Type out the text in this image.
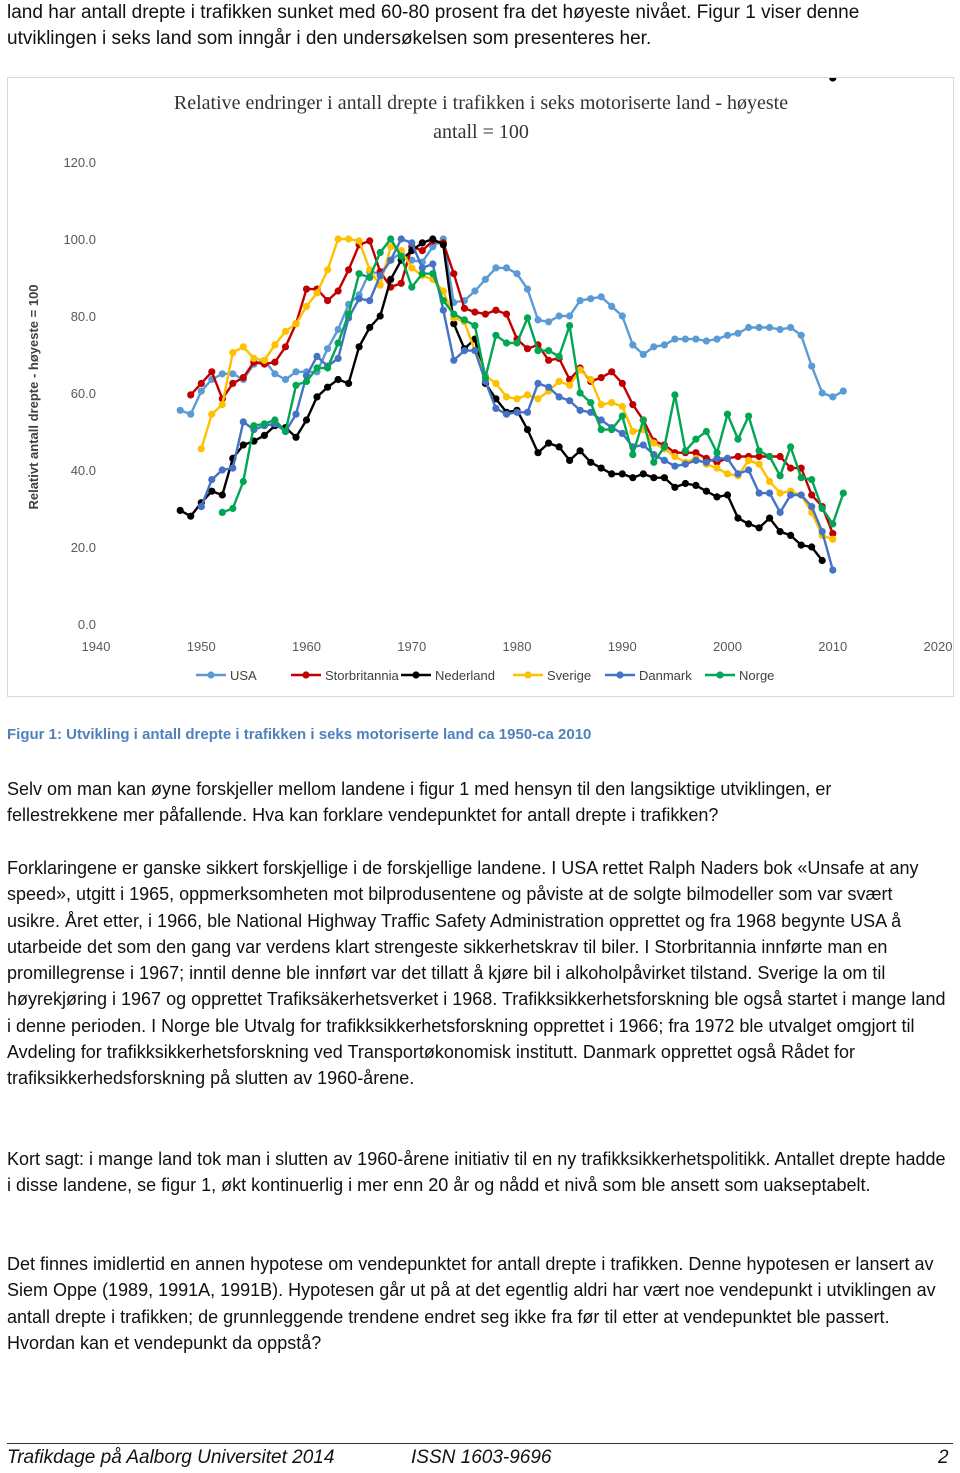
land har antall drepte i trafikken sunket med 60-80 prosent fra det høyeste nivået. Figur 1 viser denne utviklingen i seks land som inngår i den undersøkelsen som presenteres her.

Relative endringer i antall drepte i trafikken i seks motoriserte land - høyeste antall = 100
Relativt antall drepte - høyeste = 100
0.0
20.0
40.0
60.0
80.0
100.0
120.0
1940	1950	1960	1970	1980	1990	2000	2010	2020
USA	Storbritannia	Nederland	Sverige	Danmark	Norge

Figur 1: Utvikling i antall drepte i trafikken i seks motoriserte land ca 1950-ca 2010

Selv om man kan øyne forskjeller mellom landene i figur 1 med hensyn til den langsiktige utviklingen, er fellestrekkene mer påfallende. Hva kan forklare vendepunktet for antall drepte i trafikken?

Forklaringene er ganske sikkert forskjellige i de forskjellige landene. I USA rettet Ralph Naders bok «Unsafe at any speed», utgitt i 1965, oppmerksomheten mot bilprodusentene og påviste at de solgte bilmodeller som var svært usikre. Året etter, i 1966, ble National Highway Traffic Safety Administration opprettet og fra 1968 begynte USA å utarbeide det som den gang var verdens klart strengeste sikkerhetskrav til biler. I Storbritannia innførte man en promillegrense i 1967; inntil denne ble innført var det tillatt å kjøre bil i alkoholpåvirket tilstand. Sverige la om til høyrekjøring i 1967 og opprettet Trafiksäkerhetsverket i 1968. Trafikksikkerhetsforskning ble også startet i mange land i denne perioden. I Norge ble Utvalg for trafikksikkerhetsforskning opprettet i 1966; fra 1972 ble utvalget omgjort til Avdeling for trafikksikkerhetsforskning ved Transportøkonomisk institutt. Danmark opprettet også Rådet for trafiksikkerhedsforskning på slutten av 1960-årene.

Kort sagt: i mange land tok man i slutten av 1960-årene initiativ til en ny trafikksikkerhetspolitikk. Antallet drepte hadde i disse landene, se figur 1, økt kontinuerlig i mer enn 20 år og nådd et nivå som ble ansett som uakseptabelt.

Det finnes imidlertid en annen hypotese om vendepunktet for antall drepte i trafikken. Denne hypotesen er lansert av Siem Oppe (1989, 1991A, 1991B). Hypotesen går ut på at det egentlig aldri har vært noe vendepunkt i utviklingen av antall drepte i trafikken; de grunnleggende trendene endret seg ikke fra før til etter at vendepunktet ble passert. Hvordan kan et vendepunkt da oppstå?

Trafikdage på Aalborg Universitet 2014	ISSN 1603-9696	2
